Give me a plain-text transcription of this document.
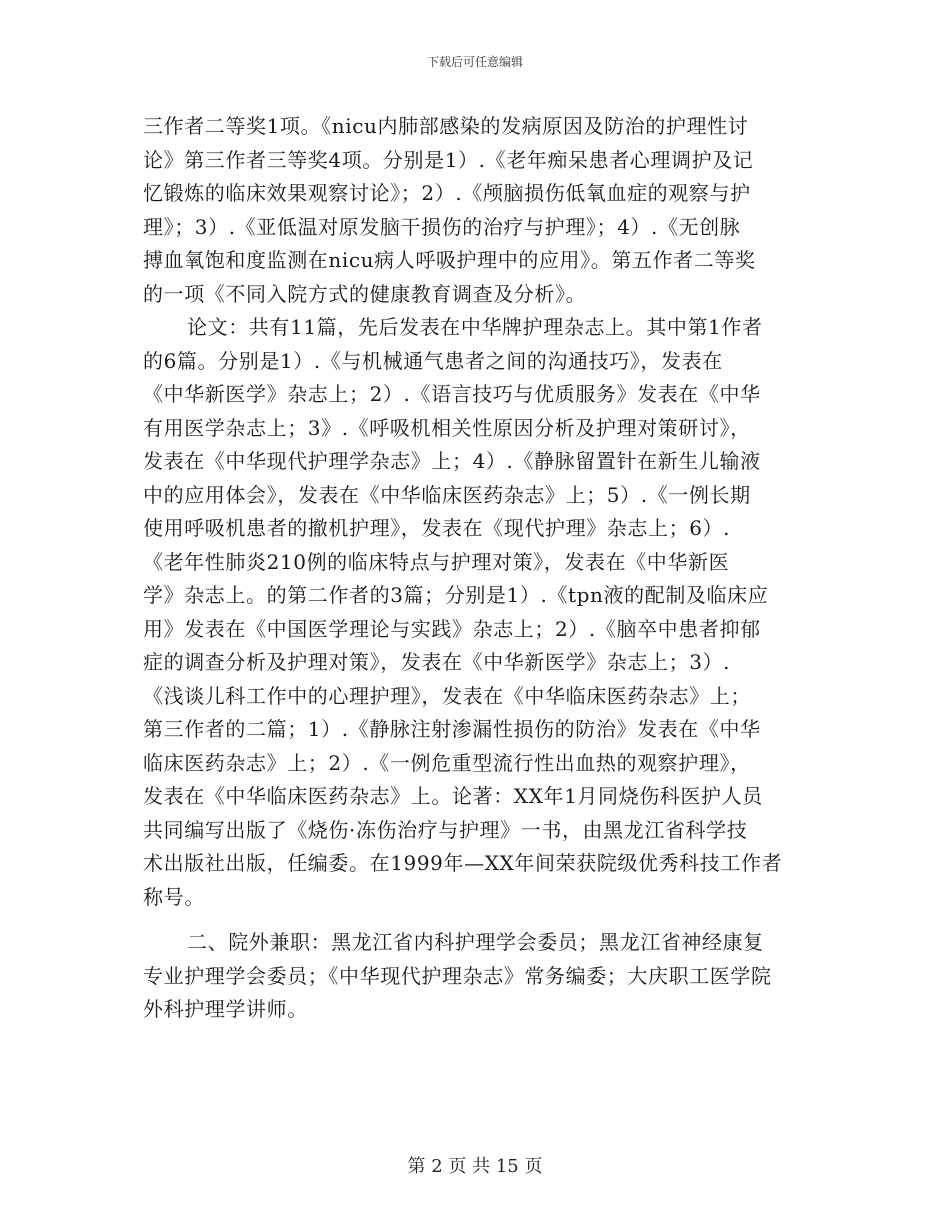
下载后可任意编辑
三作者二等奖1项。《nicu内肺部感染的发病原因及防治的护理性讨
论》第三作者三等奖4项。分别是1）.《老年痴呆患者心理调护及记
忆锻炼的临床效果观察讨论》；2）.《颅脑损伤低氧血症的观察与护
理》；3）.《亚低温对原发脑干损伤的治疗与护理》；4）.《无创脉
搏血氧饱和度监测在nicu病人呼吸护理中的应用》。第五作者二等奖
的一项《不同入院方式的健康教育调查及分析》。
论文：共有11篇，先后发表在中华牌护理杂志上。其中第1作者
的6篇。分别是1）.《与机械通气患者之间的沟通技巧》，发表在
《中华新医学》杂志上；2）.《语言技巧与优质服务》发表在《中华
有用医学杂志上；3》.《呼吸机相关性原因分析及护理对策研讨》，
发表在《中华现代护理学杂志》上；4）.《静脉留置针在新生儿输液
中的应用体会》，发表在《中华临床医药杂志》上；5）.《一例长期
使用呼吸机患者的撤机护理》，发表在《现代护理》杂志上；6）.
《老年性肺炎210例的临床特点与护理对策》，发表在《中华新医
学》杂志上。的第二作者的3篇；分别是1）.《tpn液的配制及临床应
用》发表在《中国医学理论与实践》杂志上；2）.《脑卒中患者抑郁
症的调查分析及护理对策》，发表在《中华新医学》杂志上；3）.
《浅谈儿科工作中的心理护理》，发表在《中华临床医药杂志》上；
第三作者的二篇；1）.《静脉注射渗漏性损伤的防治》发表在《中华
临床医药杂志》上；2）.《一例危重型流行性出血热的观察护理》，
发表在《中华临床医药杂志》上。论著：XX年1月同烧伤科医护人员
共同编写出版了《烧伤·冻伤治疗与护理》一书，由黑龙江省科学技
术出版社出版，任编委。在1999年—XX年间荣获院级优秀科技工作者
称号。
二、院外兼职：黑龙江省内科护理学会委员；黑龙江省神经康复
专业护理学会委员；《中华现代护理杂志》常务编委；大庆职工医学院
外科护理学讲师。
第 2 页 共 15 页
